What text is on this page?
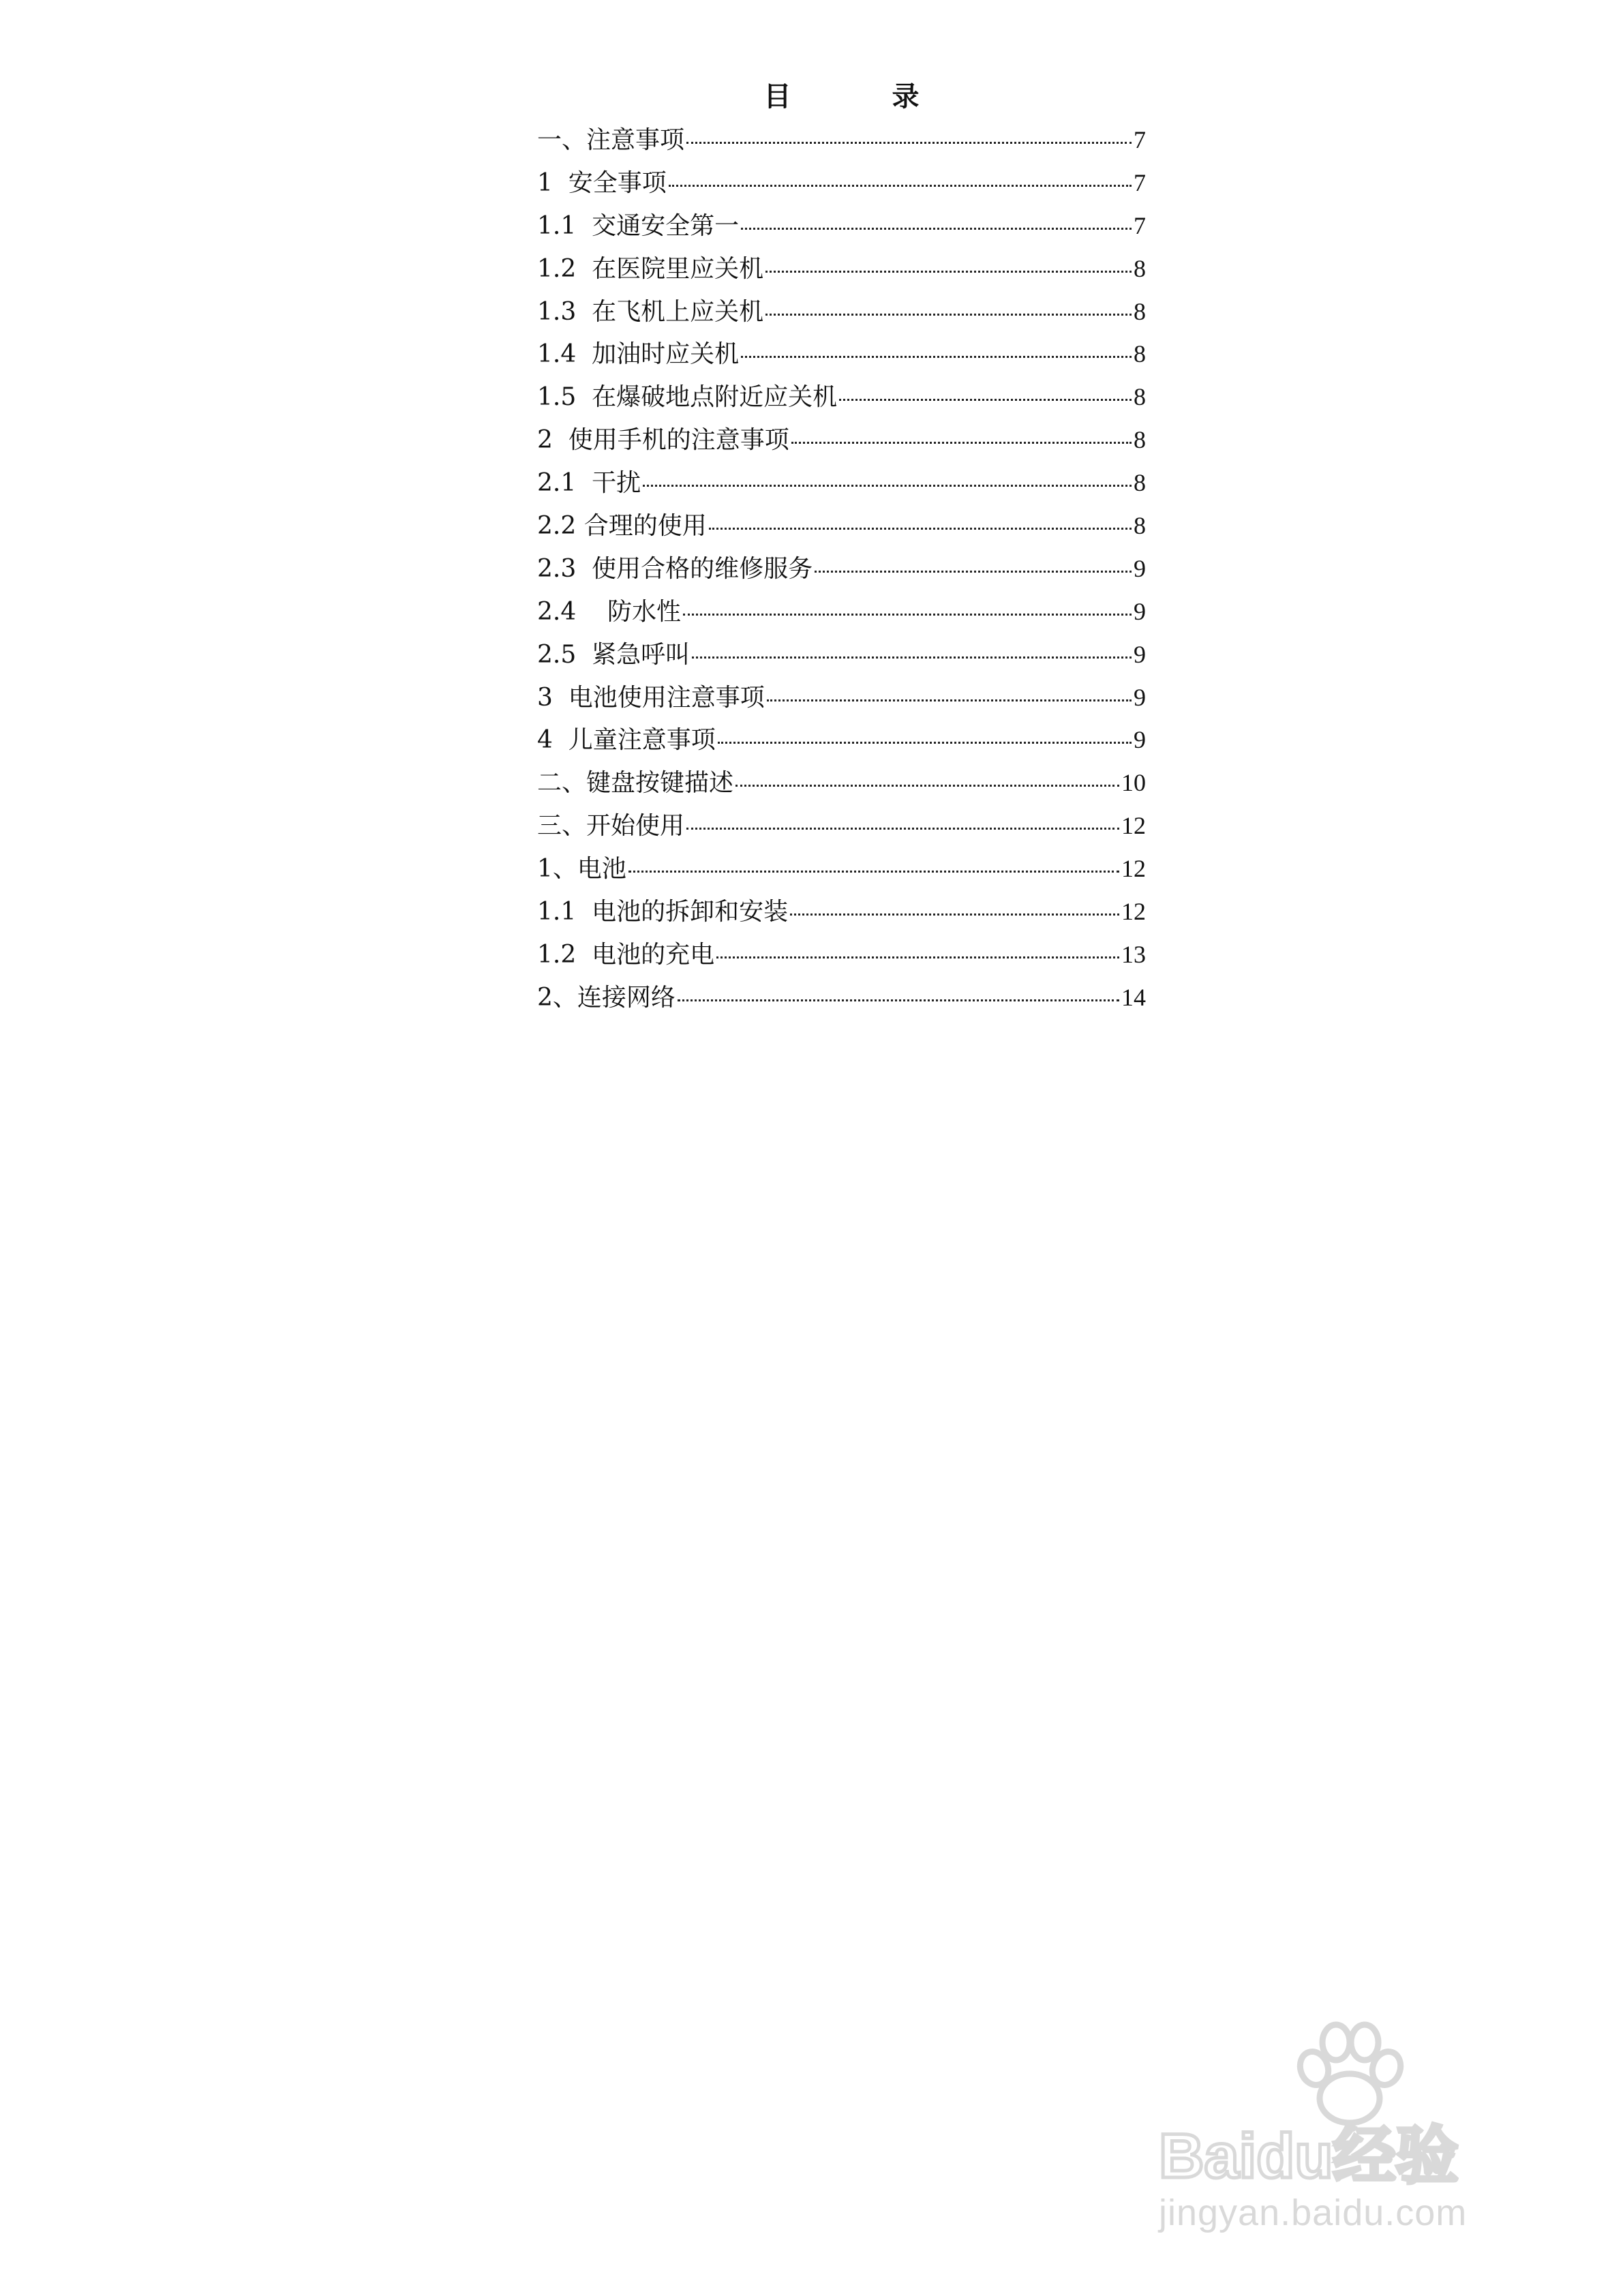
目　录
一、注意事项	7
1  安全事项	7
1.1  交通安全第一	7
1.2  在医院里应关机	8
1.3  在飞机上应关机	8
1.4  加油时应关机	8
1.5  在爆破地点附近应关机	8
2  使用手机的注意事项	8
2.1  干扰	8
2.2 合理的使用	8
2.3  使用合格的维修服务	9
2.4    防水性	9
2.5  紧急呼叫	9
3  电池使用注意事项	9
4  儿童注意事项	9
二、键盘按键描述	10
三、开始使用	12
1、电池	12
1.1  电池的拆卸和安装	12
1.2  电池的充电	13
2、连接网络	14
Baidu经验
jingyan.baidu.com
